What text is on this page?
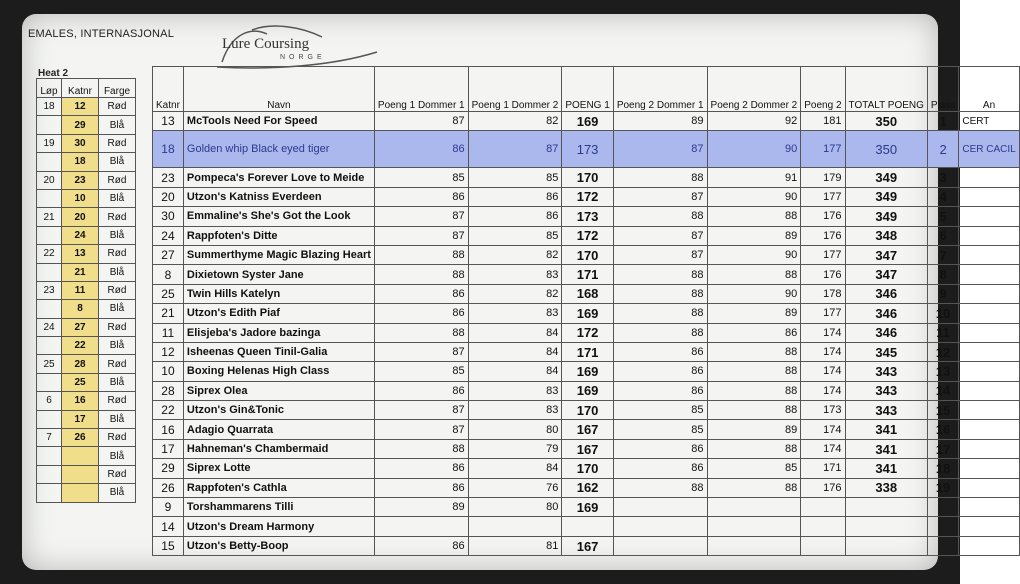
EMALES, INTERNASJONAL
Lure Coursing
NORGE
Heat 2
Løp	Katnr	Farge
18	12	Rød
	29	Blå
19	30	Rød
	18	Blå
20	23	Rød
	10	Blå
21	20	Rød
	24	Blå
22	13	Rød
	21	Blå
23	11	Rød
	8	Blå
24	27	Rød
	22	Blå
25	28	Rød
	25	Blå
6	16	Rød
	17	Blå
7	26	Rød
		Blå
		Rød
		Blå
Katnr	Navn	Poeng 1 Dommer 1	Poeng 1 Dommer 2	POENG 1	Poeng 2 Dommer 1	Poeng 2 Dommer 2	Poeng 2	TOTALT POENG	Plass	An
13	McTools Need For Speed	87	82	169	89	92	181	350	1	CERT
18	Golden whip Black eyed tiger	86	87	173	87	90	177	350	2	CER CACIL
23	Pompeca's Forever Love to Meide	85	85	170	88	91	179	349	3	
20	Utzon's Katniss Everdeen	86	86	172	87	90	177	349	4	
30	Emmaline's She's Got the Look	87	86	173	88	88	176	349	5	
24	Rappfoten's Ditte	87	85	172	87	89	176	348	6	
27	Summerthyme Magic Blazing Heart	88	82	170	87	90	177	347	7	
8	Dixietown Syster Jane	88	83	171	88	88	176	347	8	
25	Twin Hills Katelyn	86	82	168	88	90	178	346	9	
21	Utzon's Edith Piaf	86	83	169	88	89	177	346	10	
11	Elisjeba's Jadore bazinga	88	84	172	88	86	174	346	11	
12	Isheenas Queen Tinil-Galia	87	84	171	86	88	174	345	12	
10	Boxing Helenas High Class	85	84	169	86	88	174	343	13	
28	Siprex Olea	86	83	169	86	88	174	343	14	
22	Utzon's Gin&Tonic	87	83	170	85	88	173	343	15	
16	Adagio Quarrata	87	80	167	85	89	174	341	16	
17	Hahneman's Chambermaid	88	79	167	86	88	174	341	17	
29	Siprex Lotte	86	84	170	86	85	171	341	18	
26	Rappfoten's Cathla	86	76	162	88	88	176	338	19	
9	Torshammarens Tilli	89	80	169						
14	Utzon's Dream Harmony									
15	Utzon's Betty-Boop	86	81	167						
